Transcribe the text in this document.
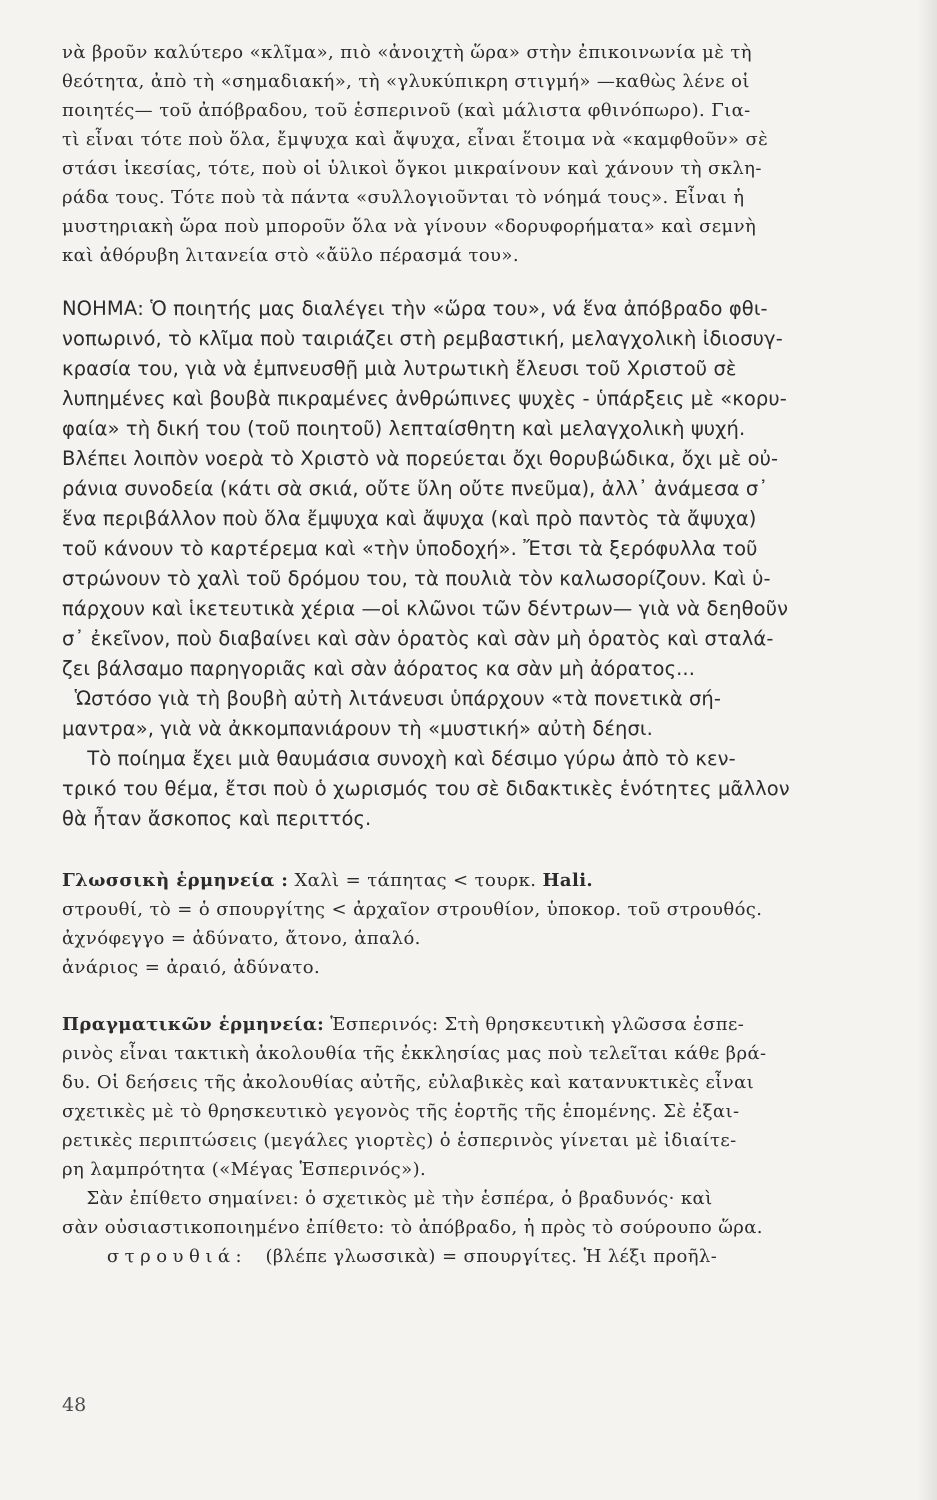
νὰ βροῦν καλύτερο «κλῖμα», πιὸ «ἀνοιχτὴ ὥρα» στὴν ἐπικοινωνία μὲ τὴ
θεότητα, ἀπὸ τὴ «σημαδιακή», τὴ «γλυκύπικρη στιγμή» —καθὼς λένε οἱ
ποιητές— τοῦ ἀπόβραδου, τοῦ ἑσπερινοῦ (καὶ μάλιστα φθινόπωρο). Για-
τὶ εἶναι τότε ποὺ ὅλα, ἔμψυχα καὶ ἄψυχα, εἶναι ἕτοιμα νὰ «καμφθοῦν» σὲ
στάσι ἱκεσίας, τότε, ποὺ οἱ ὑλικοὶ ὄγκοι μικραίνουν καὶ χάνουν τὴ σκλη-
ράδα τους. Τότε ποὺ τὰ πάντα «συλλογιοῦνται τὸ νόημά τους». Εἶναι ἡ
μυστηριακὴ ὥρα ποὺ μποροῦν ὅλα νὰ γίνουν «δορυφορήματα» καὶ σεμνὴ
καὶ ἀθόρυβη λιτανεία στὸ «ἄϋλο πέρασμά του».
ΝΟΗΜΑ: Ὁ ποιητής μας διαλέγει τὴν «ὥρα του», νά ἕνα ἀπόβραδο φθι-
νοπωρινό, τὸ κλῖμα ποὺ ταιριάζει στὴ ρεμβαστική, μελαγχολικὴ ἰδιοσυγ-
κρασία του, γιὰ νὰ ἐμπνευσθῇ μιὰ λυτρωτικὴ ἔλευσι τοῦ Χριστοῦ σὲ
λυπημένες καὶ βουβὰ πικραμένες ἀνθρώπινες ψυχὲς - ὑπάρξεις μὲ «κορυ-
φαία» τὴ δική του (τοῦ ποιητοῦ) λεπταίσθητη καὶ μελαγχολικὴ ψυχή.
Βλέπει λοιπὸν νοερὰ τὸ Χριστὸ νὰ πορεύεται ὄχι θορυβώδικα, ὄχι μὲ οὐ-
ράνια συνοδεία (κάτι σὰ σκιά, οὔτε ὕλη οὔτε πνεῦμα), ἀλλ᾽ ἀνάμεσα σ᾽
ἕνα περιβάλλον ποὺ ὅλα ἔμψυχα καὶ ἄψυχα (καὶ πρὸ παντὸς τὰ ἄψυχα)
τοῦ κάνουν τὸ καρτέρεμα καὶ «τὴν ὑποδοχή». Ἔτσι τὰ ξερόφυλλα τοῦ
στρώνουν τὸ χαλὶ τοῦ δρόμου του, τὰ πουλιὰ τὸν καλωσορίζουν. Καὶ ὑ-
πάρχουν καὶ ἱκετευτικὰ χέρια —οἱ κλῶνοι τῶν δέντρων— γιὰ νὰ δεηθοῦν
σ᾽ ἐκεῖνον, ποὺ διαβαίνει καὶ σὰν ὁρατὸς καὶ σὰν μὴ ὁρατὸς καὶ σταλά-
ζει βάλσαμο παρηγοριᾶς καὶ σὰν ἀόρατος κα σὰν μὴ ἀόρατος...
Ὡστόσο γιὰ τὴ βουβὴ αὐτὴ λιτάνευσι ὑπάρχουν «τὰ πονετικὰ σή-
μαντρα», γιὰ νὰ ἀκκομπανιάρουν τὴ «μυστική» αὐτὴ δέησι.
Τὸ ποίημα ἔχει μιὰ θαυμάσια συνοχὴ καὶ δέσιμο γύρω ἀπὸ τὸ κεν-
τρικό του θέμα, ἔτσι ποὺ ὁ χωρισμός του σὲ διδακτικὲς ἑνότητες μᾶλλον
θὰ ἦταν ἄσκοπος καὶ περιττός.
Γλωσσικὴ ἑρμηνεία : Χαλὶ = τάπητας < τουρκ. Hali.
στρουθί, τὸ = ὁ σπουργίτης < ἀρχαῖον στρουθίον, ὑποκορ. τοῦ στρουθός.
ἀχνόφεγγο = ἀδύνατο, ἄτονο, ἀπαλό.
ἀνάριος = ἀραιό, ἀδύνατο.
Πραγματικῶν ἑρμηνεία: Ἑσπερινός: Στὴ θρησκευτικὴ γλῶσσα ἑσπε-
ρινὸς εἶναι τακτικὴ ἀκολουθία τῆς ἐκκλησίας μας ποὺ τελεῖται κάθε βρά-
δυ. Οἱ δεήσεις τῆς ἀκολουθίας αὐτῆς, εὐλαβικὲς καὶ κατανυκτικὲς εἶναι
σχετικὲς μὲ τὸ θρησκευτικὸ γεγονὸς τῆς ἑορτῆς τῆς ἑπομένης. Σὲ ἐξαι-
ρετικὲς περιπτώσεις (μεγάλες γιορτὲς) ὁ ἑσπερινὸς γίνεται μὲ ἰδιαίτε-
ρη λαμπρότητα («Μέγας Ἑσπερινός»).
Σὰν ἐπίθετο σημαίνει: ὁ σχετικὸς μὲ τὴν ἑσπέρα, ὁ βραδυνός· καὶ
σὰν οὐσιαστικοποιημένο ἐπίθετο: τὸ ἀπόβραδο, ἡ πρὸς τὸ σούρουπο ὥρα.
στρουθιά:   (βλέπε γλωσσικὰ) = σπουργίτες. Ἡ λέξι προῆλ-
48
